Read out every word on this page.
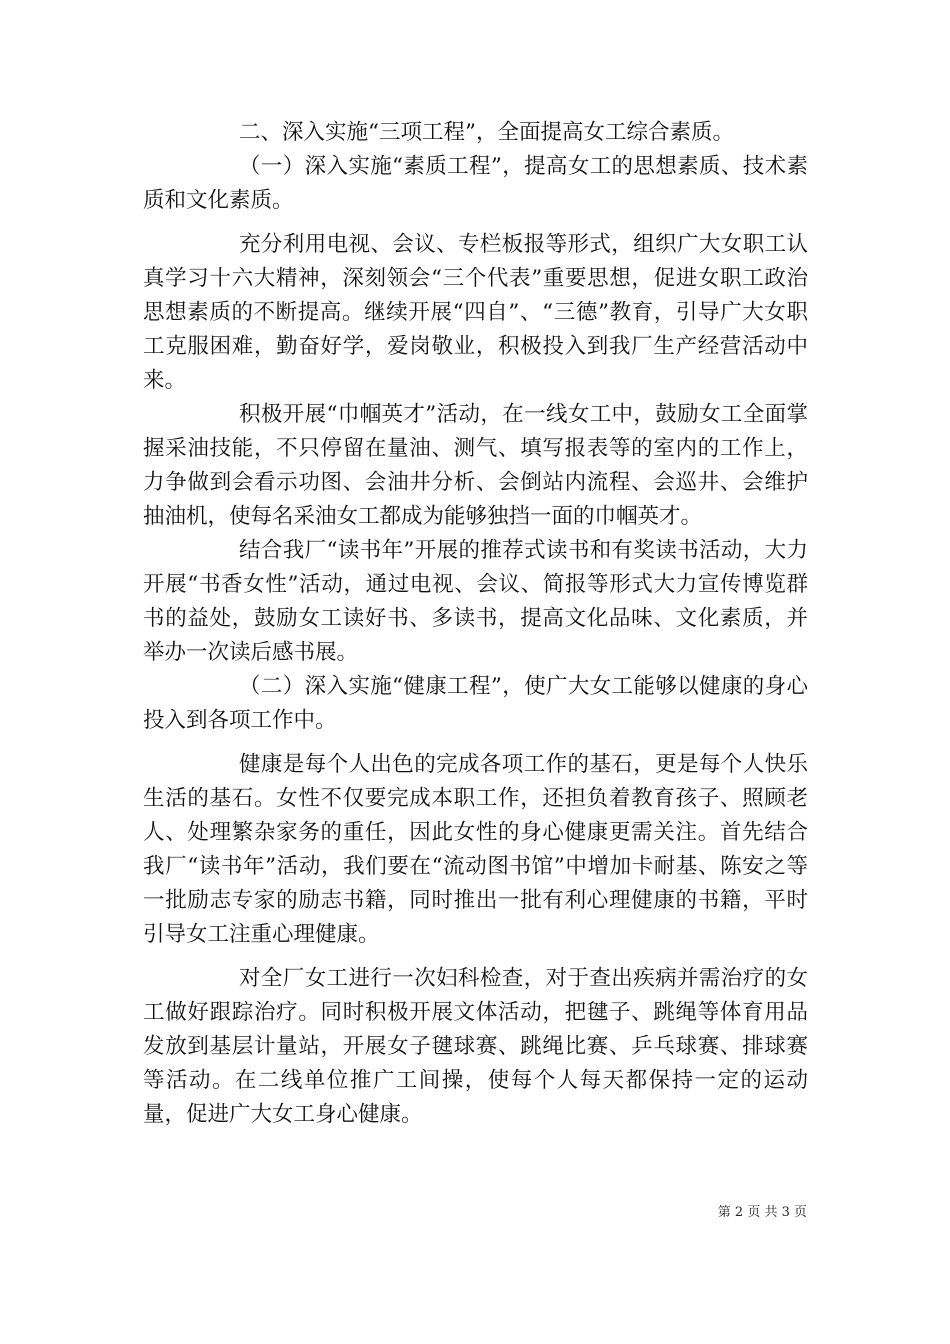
二、深入实施“三项工程”，全面提高女工综合素质。

（一）深入实施“素质工程”，提高女工的思想素质、技术素质和文化素质。

充分利用电视、会议、专栏板报等形式，组织广大女职工认真学习十六大精神，深刻领会“三个代表”重要思想，促进女职工政治思想素质的不断提高。继续开展“四自”、“三德”教育，引导广大女职工克服困难，勤奋好学，爱岗敬业，积极投入到我厂生产经营活动中来。

积极开展“巾帼英才”活动，在一线女工中，鼓励女工全面掌握采油技能，不只停留在量油、测气、填写报表等的室内的工作上，力争做到会看示功图、会油井分析、会倒站内流程、会巡井、会维护抽油机，使每名采油女工都成为能够独挡一面的巾帼英才。

结合我厂“读书年”开展的推荐式读书和有奖读书活动，大力开展“书香女性”活动，通过电视、会议、简报等形式大力宣传博览群书的益处，鼓励女工读好书、多读书，提高文化品味、文化素质，并举办一次读后感书展。

（二）深入实施“健康工程”，使广大女工能够以健康的身心投入到各项工作中。

健康是每个人出色的完成各项工作的基石，更是每个人快乐生活的基石。女性不仅要完成本职工作，还担负着教育孩子、照顾老人、处理繁杂家务的重任，因此女性的身心健康更需关注。首先结合我厂“读书年”活动，我们要在“流动图书馆”中增加卡耐基、陈安之等一批励志专家的励志书籍，同时推出一批有利心理健康的书籍，平时引导女工注重心理健康。

对全厂女工进行一次妇科检查，对于查出疾病并需治疗的女工做好跟踪治疗。同时积极开展文体活动，把毽子、跳绳等体育用品发放到基层计量站，开展女子毽球赛、跳绳比赛、乒乓球赛、排球赛等活动。在二线单位推广工间操，使每个人每天都保持一定的运动量，促进广大女工身心健康。

第 2 页 共 3 页
